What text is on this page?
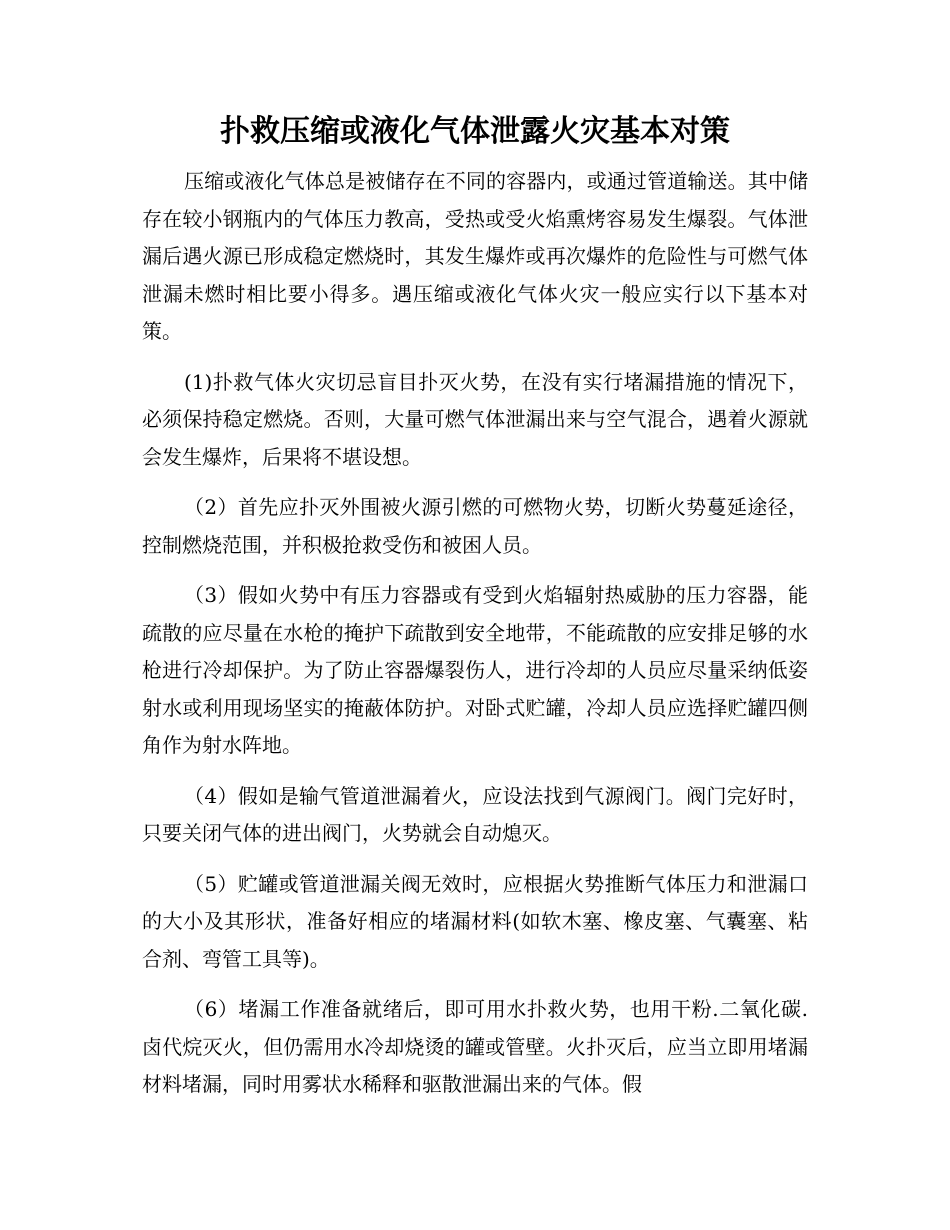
扑救压缩或液化气体泄露火灾基本对策

压缩或液化气体总是被储存在不同的容器内，或通过管道输送。其中储存在较小钢瓶内的气体压力教高，受热或受火焰熏烤容易发生爆裂。气体泄漏后遇火源已形成稳定燃烧时，其发生爆炸或再次爆炸的危险性与可燃气体泄漏未燃时相比要小得多。遇压缩或液化气体火灾一般应实行以下基本对策。

(1)扑救气体火灾切忌盲目扑灭火势，在没有实行堵漏措施的情况下，必须保持稳定燃烧。否则，大量可燃气体泄漏出来与空气混合，遇着火源就会发生爆炸，后果将不堪设想。

（2）首先应扑灭外围被火源引燃的可燃物火势，切断火势蔓延途径，控制燃烧范围，并积极抢救受伤和被困人员。

（3）假如火势中有压力容器或有受到火焰辐射热威胁的压力容器，能疏散的应尽量在水枪的掩护下疏散到安全地带，不能疏散的应安排足够的水枪进行冷却保护。为了防止容器爆裂伤人，进行冷却的人员应尽量采纳低姿射水或利用现场坚实的掩蔽体防护。对卧式贮罐，冷却人员应选择贮罐四侧角作为射水阵地。

（4）假如是输气管道泄漏着火，应设法找到气源阀门。阀门完好时，只要关闭气体的进出阀门，火势就会自动熄灭。

（5）贮罐或管道泄漏关阀无效时，应根据火势推断气体压力和泄漏口的大小及其形状，准备好相应的堵漏材料(如软木塞、橡皮塞、气囊塞、粘合剂、弯管工具等)。

（6）堵漏工作准备就绪后，即可用水扑救火势，也用干粉.二氧化碳.卤代烷灭火，但仍需用水冷却烧烫的罐或管壁。火扑灭后，应当立即用堵漏材料堵漏，同时用雾状水稀释和驱散泄漏出来的气体。假
